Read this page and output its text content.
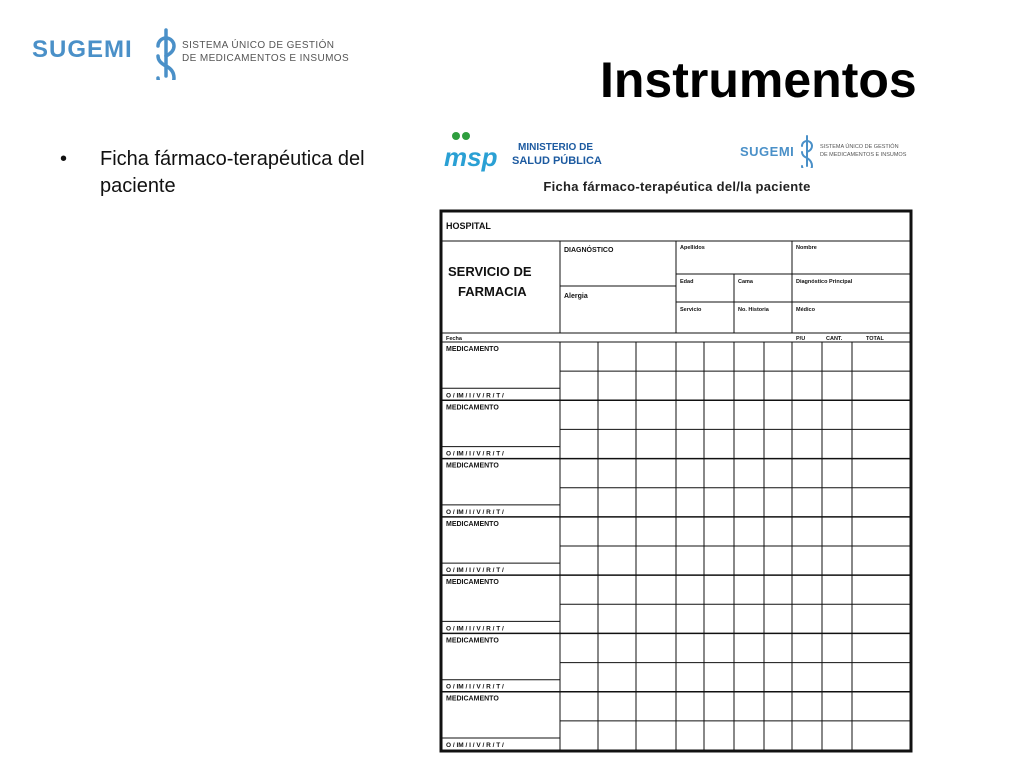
SUGEMI	SISTEMA ÚNICO DE GESTIÓN
DE MEDICAMENTOS E INSUMOS	Instrumentos
• Ficha fármaco-terapéutica del paciente
msp MINISTERIO DE
SALUD PÚBLICA
SUGEMI	SISTEMA ÚNICO DE GESTIÓN
DE MEDICAMENTOS E INSUMOS
Ficha fármaco-terapéutica del/la paciente
HOSPITAL
SERVICIO DE
FARMACIA
DIAGNÓSTICO
Alergia
Apellidos	Nombre
Edad	Cama	Diagnóstico Principal
Servicio	No. Historia	Médico
Fecha	P/U	CANT.	TOTAL
MEDICAMENTO
O / IM / I / V / R / T /
MEDICAMENTO
O / IM / I / V / R / T /
MEDICAMENTO
O / IM / I / V / R / T /
MEDICAMENTO
O / IM / I / V / R / T /
MEDICAMENTO
O / IM / I / V / R / T /
MEDICAMENTO
O / IM / I / V / R / T /
MEDICAMENTO
O / IM / I / V / R / T /
